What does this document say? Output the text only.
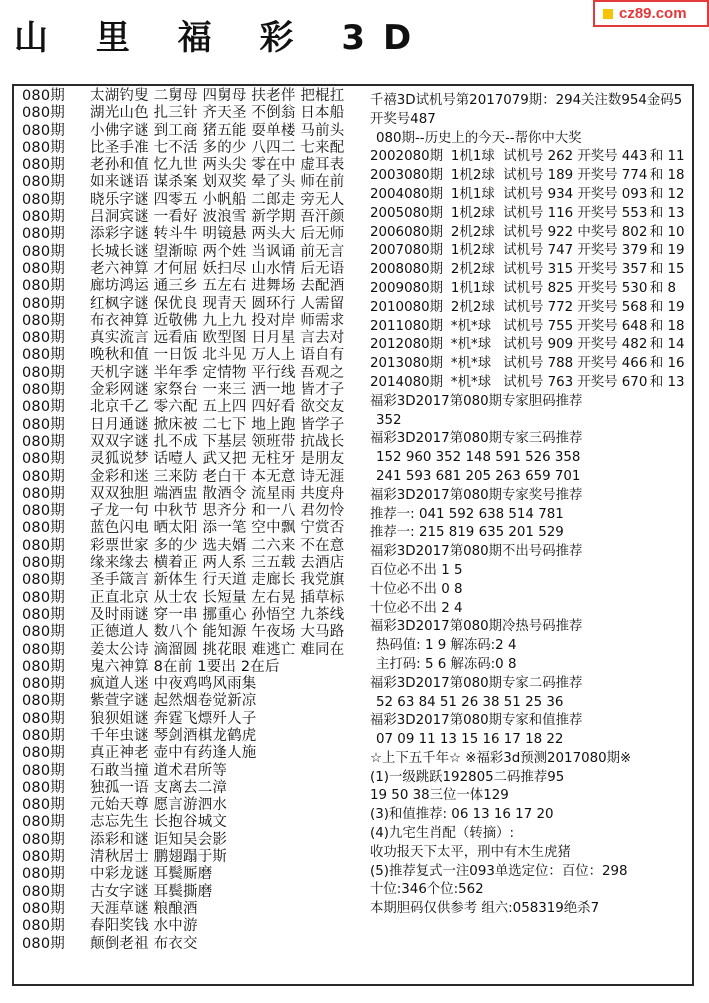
cz89.com
山 里 福 彩 3D
080期 太湖钓叟 二舅母 四舅母 扶老伴 把棍扛
080期 湖光山色 扎三针 齐天圣 不倒翁 日本船
080期 小佛字谜 到工商 猪五能 耍单楼 马前头
080期 比圣手准 七不活 多的少 八四二 七来配
080期 老孙和值 忆九世 两头尖 零在中 虚耳表
080期 如来谜语 谋杀案 划双奖 晕了头 师在前
080期 晓乐字谜 四零五 小帆船 二郎走 旁无人
080期 吕洞宾谜 一看好 波浪雪 新学期 吾汗颜
080期 添彩字谜 转斗牛 明镜悬 两头大 后无师
080期 长城长谜 望渐晾 两个姓 当讽诵 前无言
080期 老六神算 才何屈 妖扫尽 山水情 后无语
080期 廊坊鸿运 通三乡 五左右 进舞场 去配酒
080期 红枫字谜 保优良 现青天 圆环行 人需留
080期 布衣神算 近敬佛 九上九 投对岸 师需求
080期 真实流言 远看庙 欧型图 日月星 言去对
080期 晚秋和值 一日饭 北斗见 万人上 语自有
080期 天机字谜 半年季 定情物 平行线 吾观之
080期 金彩网谜 家祭台 一来三 洒一地 皆才子
080期 北京千乙 零六配 五上四 四好看 欲交友
080期 日月通谜 掀床被 二七下 地上跑 皆学子
080期 双双字谜 扎不成 下基层 领班带 抗战长
080期 灵狐说梦 话噎人 武又把 无柱牙 是朋友
080期 金彩和迷 三来防 老白干 本无意 诗无涯
080期 双双独胆 端酒盅 散酒令 流星雨 共度舟
080期 孑龙一句 中秋节 思齐分 和一八 君勿怜
080期 蓝色闪电 晒太阳 添一笔 空中飘 宁赏否
080期 彩票世家 多的少 选夫婿 二六来 不在意
080期 缘来缘去 横着正 两人系 三五载 去酒店
080期 圣手箴言 新体生 行天道 走廊长 我党旗
080期 正直北京 从士农 长短量 左右晃 插草标
080期 及时雨谜 穿一串 挪重心 孙悟空 九茶线
080期 正德道人 数八个 能知源 午夜场 大马路
080期 姜太公诗 滴溜圆 挑花眼 难逃亡 难同在
080期 鬼六神算 8在前 1要出 2在后
080期 疯道人迷 中夜鸡鸣风雨集
080期 紫萱字谜 起然烟卷觉新凉
080期 狼狈姐谜 奔霆飞熛歼人子
080期 千年虫谜 琴剑酒棋龙鹤虎
080期 真正神老 壶中有药逢人施
080期 石敢当撞 道术君所等
080期 独孤一语 支离去二漳
080期 元始天尊 愿言游泗水
080期 志忘先生 长抱谷城文
080期 添彩和谜 讵知吴会影
080期 清秋居士 鹏翅蹋于斯
080期 中彩龙谜 耳鬓厮磨
080期 古女字谜 耳鬓撕磨
080期 天涯草谜 粮酿酒
080期 春阳奖钱 水中游
080期 颠倒老祖 布衣交
千禧3D试机号第2017079期：294关注数954金码5
开奖号487
080期--历史上的今天--帮你中大奖
2002080期 1机1球 试机号 262 开奖号 443 和 11
2003080期 1机2球 试机号 189 开奖号 774 和 18
2004080期 1机1球 试机号 934 开奖号 093 和 12
2005080期 1机2球 试机号 116 开奖号 553 和 13
2006080期 2机2球 试机号 922 中奖号 802 和 10
2007080期 1机2球 试机号 747 开奖号 379 和 19
2008080期 2机2球 试机号 315 开奖号 357 和 15
2009080期 1机1球 试机号 825 开奖号 530 和 8
2010080期 2机2球 试机号 772 开奖号 568 和 19
2011080期 *机*球 试机号 755 开奖号 648 和 18
2012080期 *机*球 试机号 909 开奖号 482 和 14
2013080期 *机*球 试机号 788 开奖号 466 和 16
2014080期 *机*球 试机号 763 开奖号 670 和 13
福彩3D2017第080期专家胆码推荐
352
福彩3D2017第080期专家三码推荐
152 960 352 148 591 526 358
241 593 681 205 263 659 701
福彩3D2017第080期专家奖号推荐
推荐一: 041 592 638 514 781
推荐一: 215 819 635 201 529
福彩3D2017第080期不出号码推荐
百位必不出 1 5
十位必不出 0 8
十位必不出 2 4
福彩3D2017第080期冷热号码推荐
热码值: 1 9 解冻码:2 4
主打码: 5 6 解冻码:0 8
福彩3D2017第080期专家二码推荐
52 63 84 51 26 38 51 25 36
福彩3D2017第080期专家和值推荐
07 09 11 13 15 16 17 18 22
☆上下五千年☆ ※福彩3d预测2017080期※
(1)一级跳跃192805二码推荐95
19 50 38三位一体129
(3)和值推荐: 06 13 16 17 20
(4)九宅生肖配（转摘）:
收功报天下太平，刑中有木生虎猪
(5)推荐复式一注093单选定位：百位：298
十位:346个位:562
本期胆码仅供参考 组六:058319绝杀7
